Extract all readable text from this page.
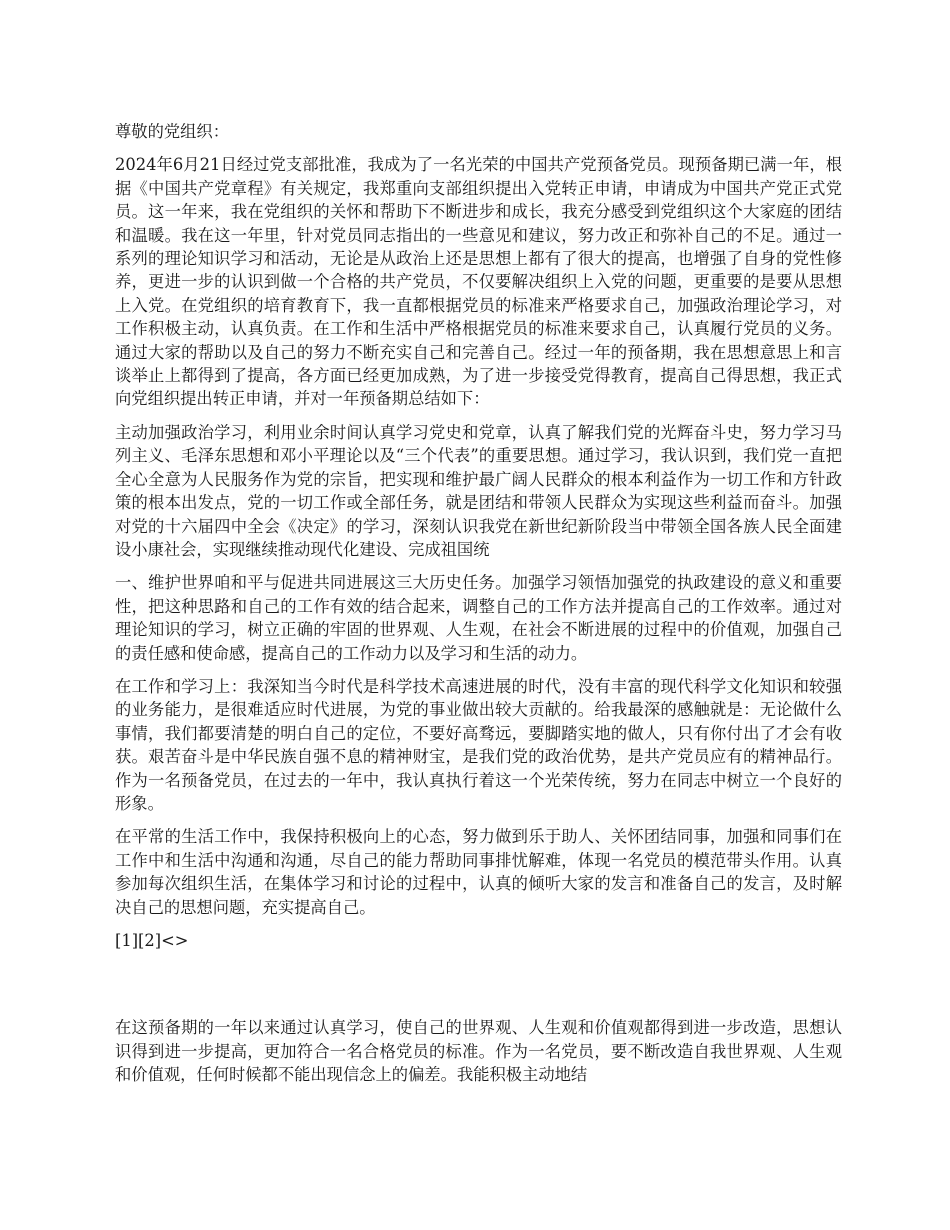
尊敬的党组织：

2024年6月21日经过党支部批准，我成为了一名光荣的中国共产党预备党员。现预备期已满一年，根据《中国共产党章程》有关规定，我郑重向支部组织提出入党转正申请，申请成为中国共产党正式党员。这一年来，我在党组织的关怀和帮助下不断进步和成长，我充分感受到党组织这个大家庭的团结和温暖。我在这一年里，针对党员同志指出的一些意见和建议，努力改正和弥补自己的不足。通过一系列的理论知识学习和活动，无论是从政治上还是思想上都有了很大的提高，也增强了自身的党性修养，更进一步的认识到做一个合格的共产党员，不仅要解决组织上入党的问题，更重要的是要从思想上入党。在党组织的培育教育下，我一直都根据党员的标准来严格要求自己，加强政治理论学习，对工作积极主动，认真负责。在工作和生活中严格根据党员的标准来要求自己，认真履行党员的义务。通过大家的帮助以及自己的努力不断充实自己和完善自己。经过一年的预备期，我在思想意思上和言谈举止上都得到了提高，各方面已经更加成熟，为了进一步接受党得教育，提高自己得思想，我正式向党组织提出转正申请，并对一年预备期总结如下：

主动加强政治学习，利用业余时间认真学习党史和党章，认真了解我们党的光辉奋斗史，努力学习马列主义、毛泽东思想和邓小平理论以及“三个代表”的重要思想。通过学习，我认识到，我们党一直把全心全意为人民服务作为党的宗旨，把实现和维护最广阔人民群众的根本利益作为一切工作和方针政策的根本出发点，党的一切工作或全部任务，就是团结和带领人民群众为实现这些利益而奋斗。加强对党的十六届四中全会《决定》的学习，深刻认识我党在新世纪新阶段当中带领全国各族人民全面建设小康社会，实现继续推动现代化建设、完成祖国统

一、维护世界咱和平与促进共同进展这三大历史任务。加强学习领悟加强党的执政建设的意义和重要性，把这种思路和自己的工作有效的结合起来，调整自己的工作方法并提高自己的工作效率。通过对理论知识的学习，树立正确的牢固的世界观、人生观，在社会不断进展的过程中的价值观，加强自己的责任感和使命感，提高自己的工作动力以及学习和生活的动力。

在工作和学习上：我深知当今时代是科学技术高速进展的时代，没有丰富的现代科学文化知识和较强的业务能力，是很难适应时代进展，为党的事业做出较大贡献的。给我最深的感触就是：无论做什么事情，我们都要清楚的明白自己的定位，不要好高骛远，要脚踏实地的做人，只有你付出了才会有收获。艰苦奋斗是中华民族自强不息的精神财宝，是我们党的政治优势，是共产党员应有的精神品行。作为一名预备党员，在过去的一年中，我认真执行着这一个光荣传统，努力在同志中树立一个良好的形象。

在平常的生活工作中，我保持积极向上的心态，努力做到乐于助人、关怀团结同事，加强和同事们在工作中和生活中沟通和沟通，尽自己的能力帮助同事排忧解难，体现一名党员的模范带头作用。认真参加每次组织生活，在集体学习和讨论的过程中，认真的倾听大家的发言和准备自己的发言，及时解决自己的思想问题，充实提高自己。

[1][2]<>

在这预备期的一年以来通过认真学习，使自己的世界观、人生观和价值观都得到进一步改造，思想认识得到进一步提高，更加符合一名合格党员的标准。作为一名党员，要不断改造自我世界观、人生观和价值观，任何时候都不能出现信念上的偏差。我能积极主动地结
